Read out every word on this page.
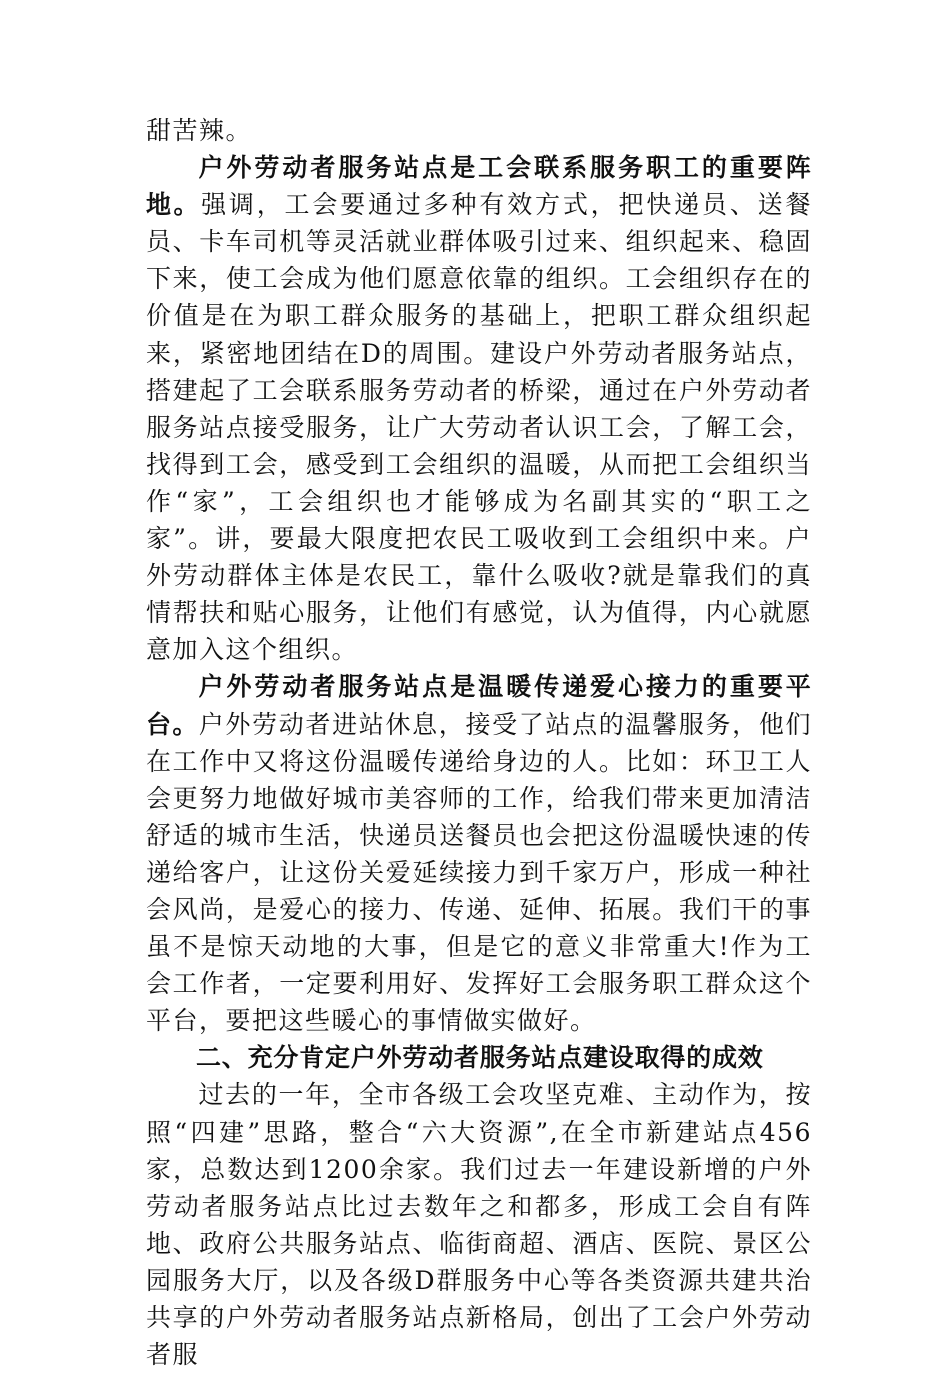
甜苦辣。

户外劳动者服务站点是工会联系服务职工的重要阵地。强调，工会要通过多种有效方式，把快递员、送餐员、卡车司机等灵活就业群体吸引过来、组织起来、稳固下来，使工会成为他们愿意依靠的组织。工会组织存在的价值是在为职工群众服务的基础上，把职工群众组织起来，紧密地团结在D的周围。建设户外劳动者服务站点，搭建起了工会联系服务劳动者的桥梁，通过在户外劳动者服务站点接受服务，让广大劳动者认识工会，了解工会，找得到工会，感受到工会组织的温暖，从而把工会组织当作“家”，工会组织也才能够成为名副其实的“职工之家”。讲，要最大限度把农民工吸收到工会组织中来。户外劳动群体主体是农民工，靠什么吸收?就是靠我们的真情帮扶和贴心服务，让他们有感觉，认为值得，内心就愿意加入这个组织。

户外劳动者服务站点是温暖传递爱心接力的重要平台。户外劳动者进站休息，接受了站点的温馨服务，他们在工作中又将这份温暖传递给身边的人。比如：环卫工人会更努力地做好城市美容师的工作，给我们带来更加清洁舒适的城市生活，快递员送餐员也会把这份温暖快速的传递给客户，让这份关爱延续接力到千家万户，形成一种社会风尚，是爱心的接力、传递、延伸、拓展。我们干的事虽不是惊天动地的大事，但是它的意义非常重大!作为工会工作者，一定要利用好、发挥好工会服务职工群众这个平台，要把这些暖心的事情做实做好。

二、充分肯定户外劳动者服务站点建设取得的成效

过去的一年，全市各级工会攻坚克难、主动作为，按照“四建”思路，整合“六大资源”,在全市新建站点456家，总数达到1200余家。我们过去一年建设新增的户外劳动者服务站点比过去数年之和都多，形成工会自有阵地、政府公共服务站点、临街商超、酒店、医院、景区公园服务大厅，以及各级D群服务中心等各类资源共建共治共享的户外劳动者服务站点新格局，创出了工会户外劳动者服
